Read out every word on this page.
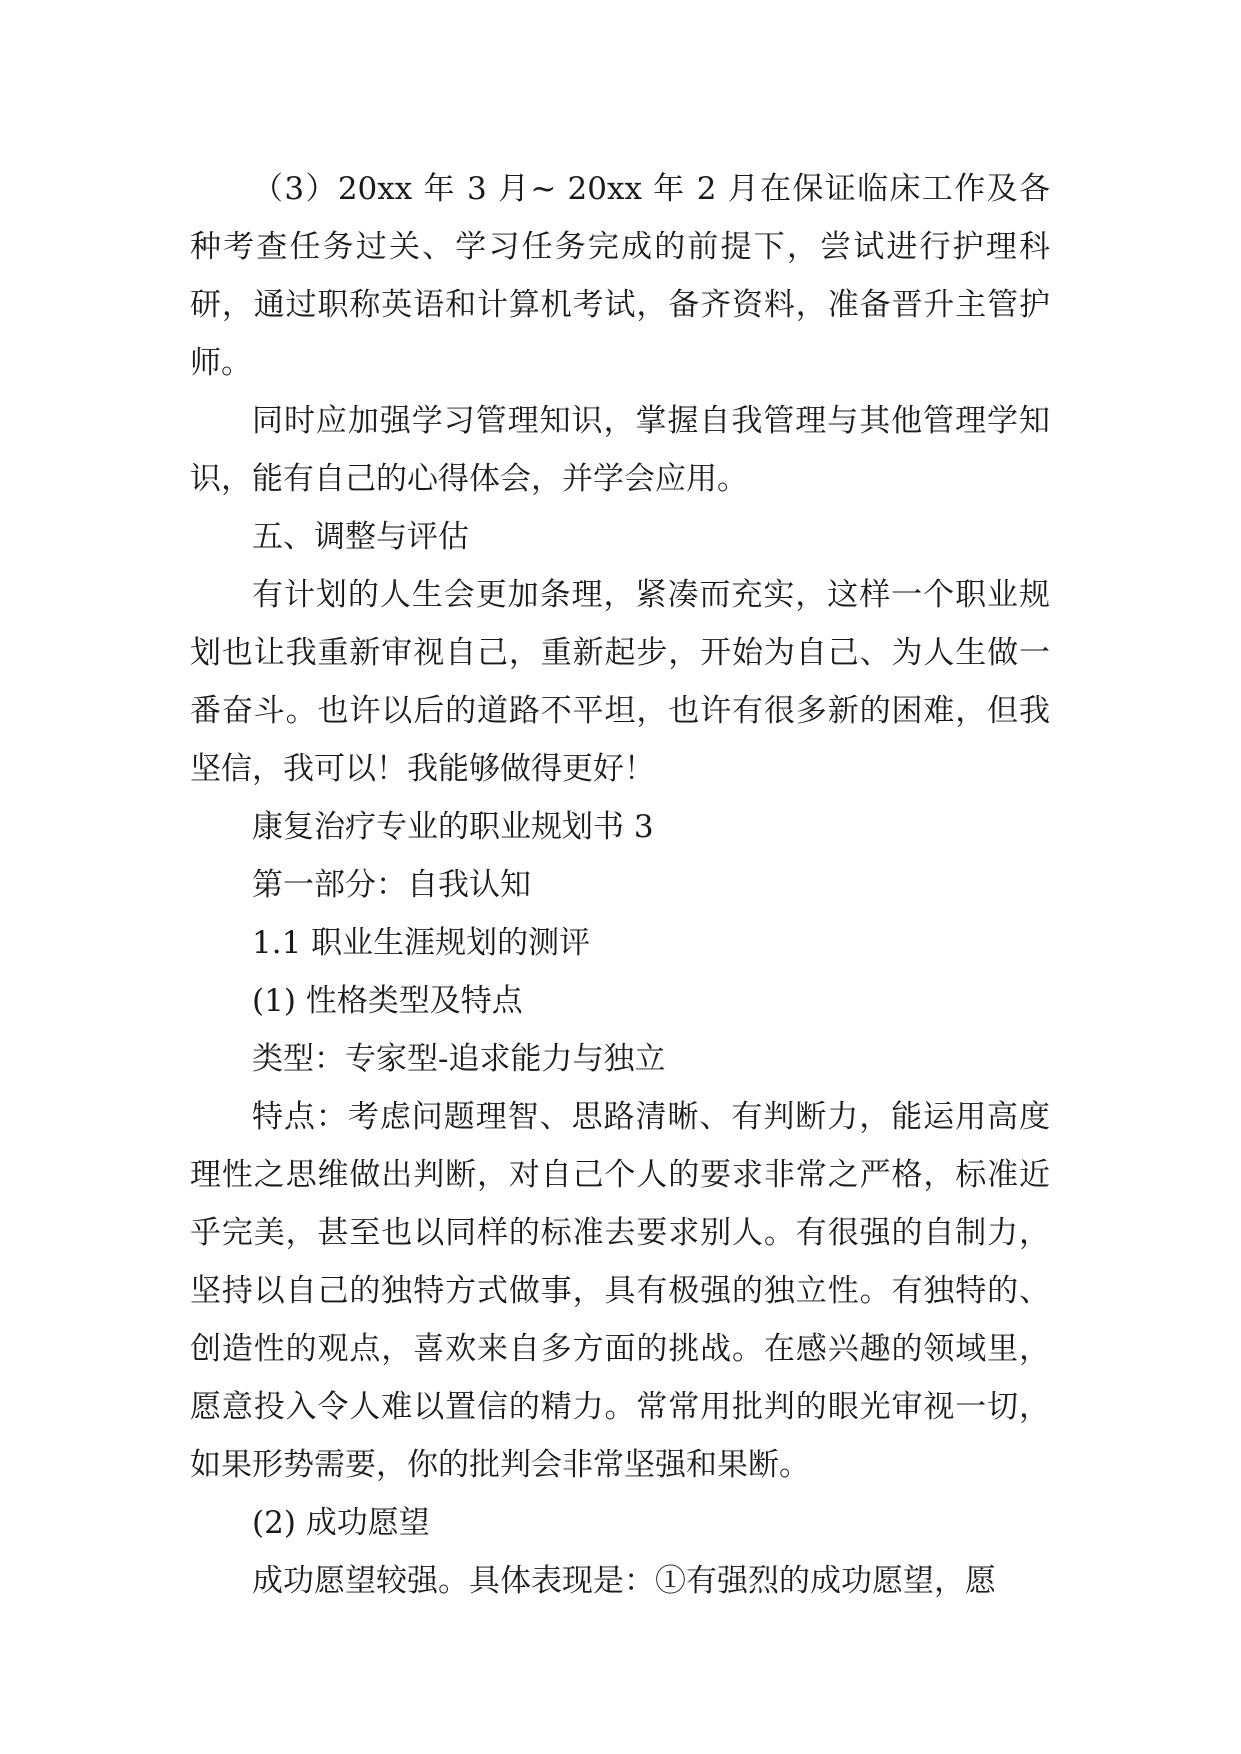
（3）20xx 年 3 月~ 20xx 年 2 月在保证临床工作及各种考查任务过关、学习任务完成的前提下，尝试进行护理科研，通过职称英语和计算机考试，备齐资料，准备晋升主管护师。

同时应加强学习管理知识，掌握自我管理与其他管理学知识，能有自己的心得体会，并学会应用。

五、调整与评估

有计划的人生会更加条理，紧凑而充实，这样一个职业规划也让我重新审视自己，重新起步，开始为自己、为人生做一番奋斗。也许以后的道路不平坦，也许有很多新的困难，但我坚信，我可以！我能够做得更好！

康复治疗专业的职业规划书 3

第一部分：自我认知

1.1 职业生涯规划的测评

(1) 性格类型及特点

类型：专家型-追求能力与独立

特点：考虑问题理智、思路清晰、有判断力，能运用高度理性之思维做出判断，对自己个人的要求非常之严格，标准近乎完美，甚至也以同样的标准去要求别人。有很强的自制力，坚持以自己的独特方式做事，具有极强的独立性。有独特的、创造性的观点，喜欢来自多方面的挑战。在感兴趣的领域里，愿意投入令人难以置信的精力。常常用批判的眼光审视一切，如果形势需要，你的批判会非常坚强和果断。

(2) 成功愿望

成功愿望较强。具体表现是：①有强烈的成功愿望，愿
